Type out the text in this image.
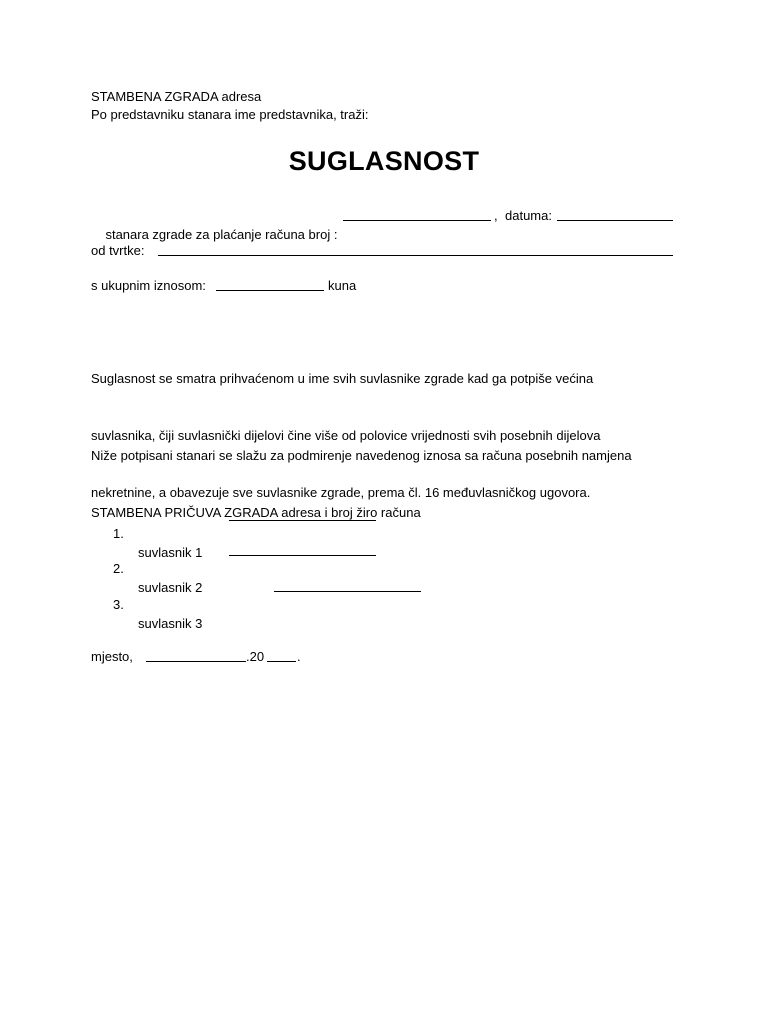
STAMBENA ZGRADA adresa
Po predstavniku stanara ime predstavnika, traži:
SUGLASNOST

stanara zgrade za plaćanje računa broj :

, datuma:
od tvrtke:
s ukupnim iznosom:	kuna

Suglasnost se smatra prihvaćenom u ime svih suvlasnike zgrade kad ga potpiše većina

suvlasnika, čiji suvlasnički dijelovi čine više od polovice vrijednosti svih posebnih dijelova

nekretnine, a obavezuje sve suvlasnike zgrade, prema čl. 16 međuvlasničkog ugovora.

Niže potpisani stanari se slažu za podmirenje navedenog iznosa sa računa posebnih namjena

STAMBENA PRIČUVA ZGRADA adresa i broj žiro računa

1.

suvlasnik 1

2.

suvlasnik 2

3.

suvlasnik 3

mjesto,	.20	.
